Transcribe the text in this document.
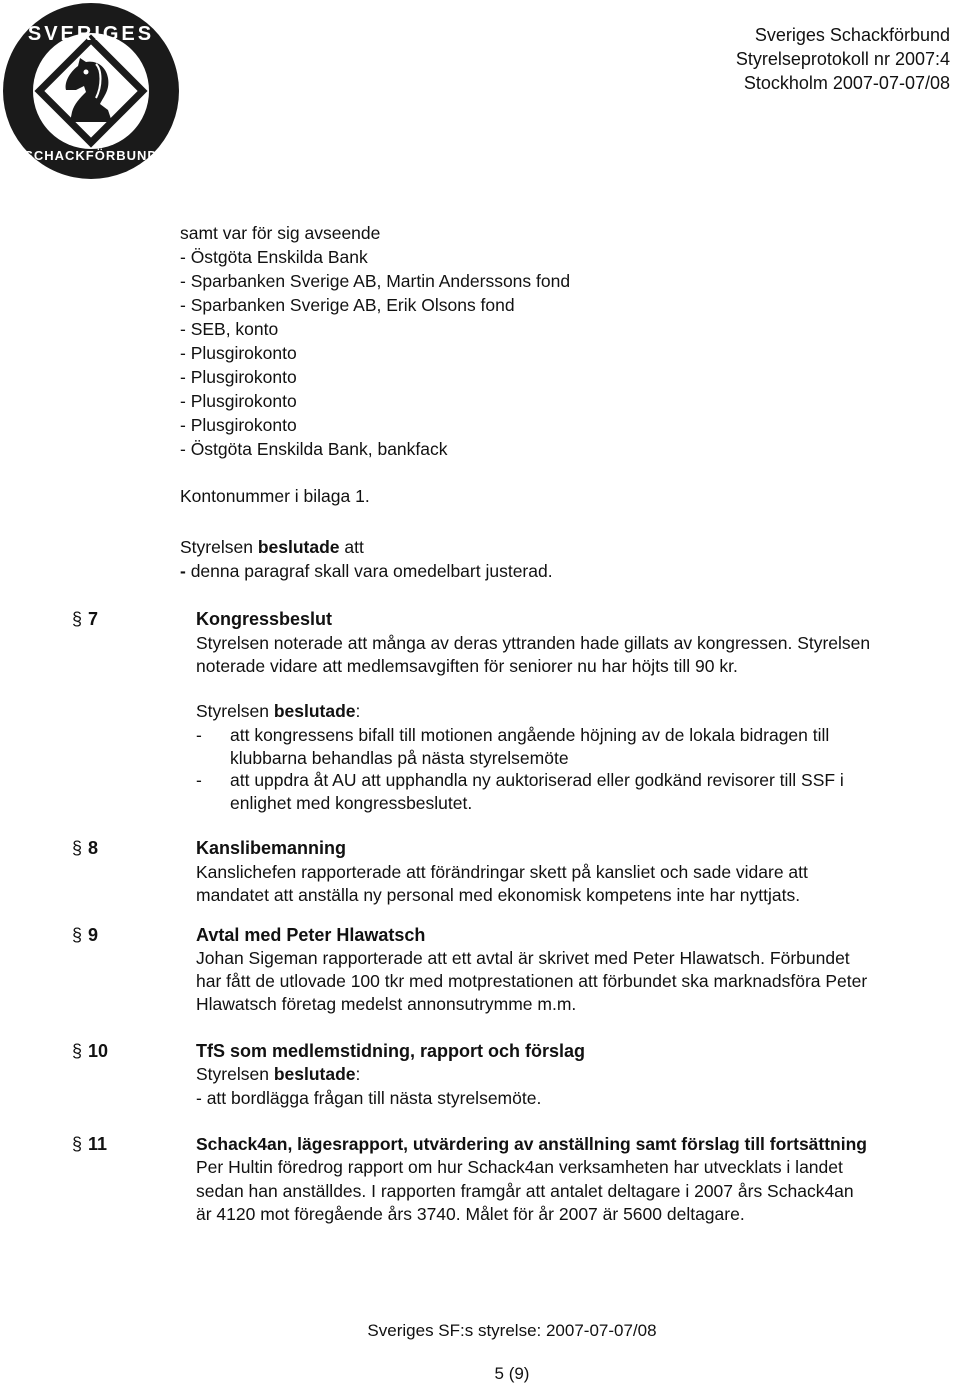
SVERIGES
SCHACKFÖRBUND
Sveriges Schackförbund
Styrelseprotokoll nr 2007:4
Stockholm 2007-07-07/08
samt var för sig avseende
- Östgöta Enskilda Bank
- Sparbanken Sverige AB, Martin Anderssons fond
- Sparbanken Sverige AB, Erik Olsons fond
- SEB, konto
- Plusgirokonto
- Plusgirokonto
- Plusgirokonto
- Plusgirokonto
- Östgöta Enskilda Bank, bankfack
Kontonummer i bilaga 1.
Styrelsen beslutade att
- denna paragraf skall vara omedelbart justerad.
§ 7	Kongressbeslut
Styrelsen noterade att många av deras yttranden hade gillats av kongressen. Styrelsen
noterade vidare att medlemsavgiften för seniorer nu har höjts till 90 kr.
Styrelsen beslutade:
- att kongressens bifall till motionen angående höjning av de lokala bidragen till
klubbarna behandlas på nästa styrelsemöte
- att uppdra åt AU att upphandla ny auktoriserad eller godkänd revisorer till SSF i
enlighet med kongressbeslutet.
§ 8	Kanslibemanning
Kanslichefen rapporterade att förändringar skett på kansliet och sade vidare att
mandatet att anställa ny personal med ekonomisk kompetens inte har nyttjats.
§ 9	Avtal med Peter Hlawatsch
Johan Sigeman rapporterade att ett avtal är skrivet med Peter Hlawatsch. Förbundet
har fått de utlovade 100 tkr med motprestationen att förbundet ska marknadsföra Peter
Hlawatsch företag medelst annonsutrymme m.m.
§ 10	TfS som medlemstidning, rapport och förslag
Styrelsen beslutade:
- att bordlägga frågan till nästa styrelsemöte.
§ 11	Schack4an, lägesrapport, utvärdering av anställning samt förslag till fortsättning
Per Hultin föredrog rapport om hur Schack4an verksamheten har utvecklats i landet
sedan han anställdes. I rapporten framgår att antalet deltagare i 2007 års Schack4an
är 4120 mot föregående års 3740. Målet för år 2007 är 5600 deltagare.
Sveriges SF:s styrelse: 2007-07-07/08
5 (9)
